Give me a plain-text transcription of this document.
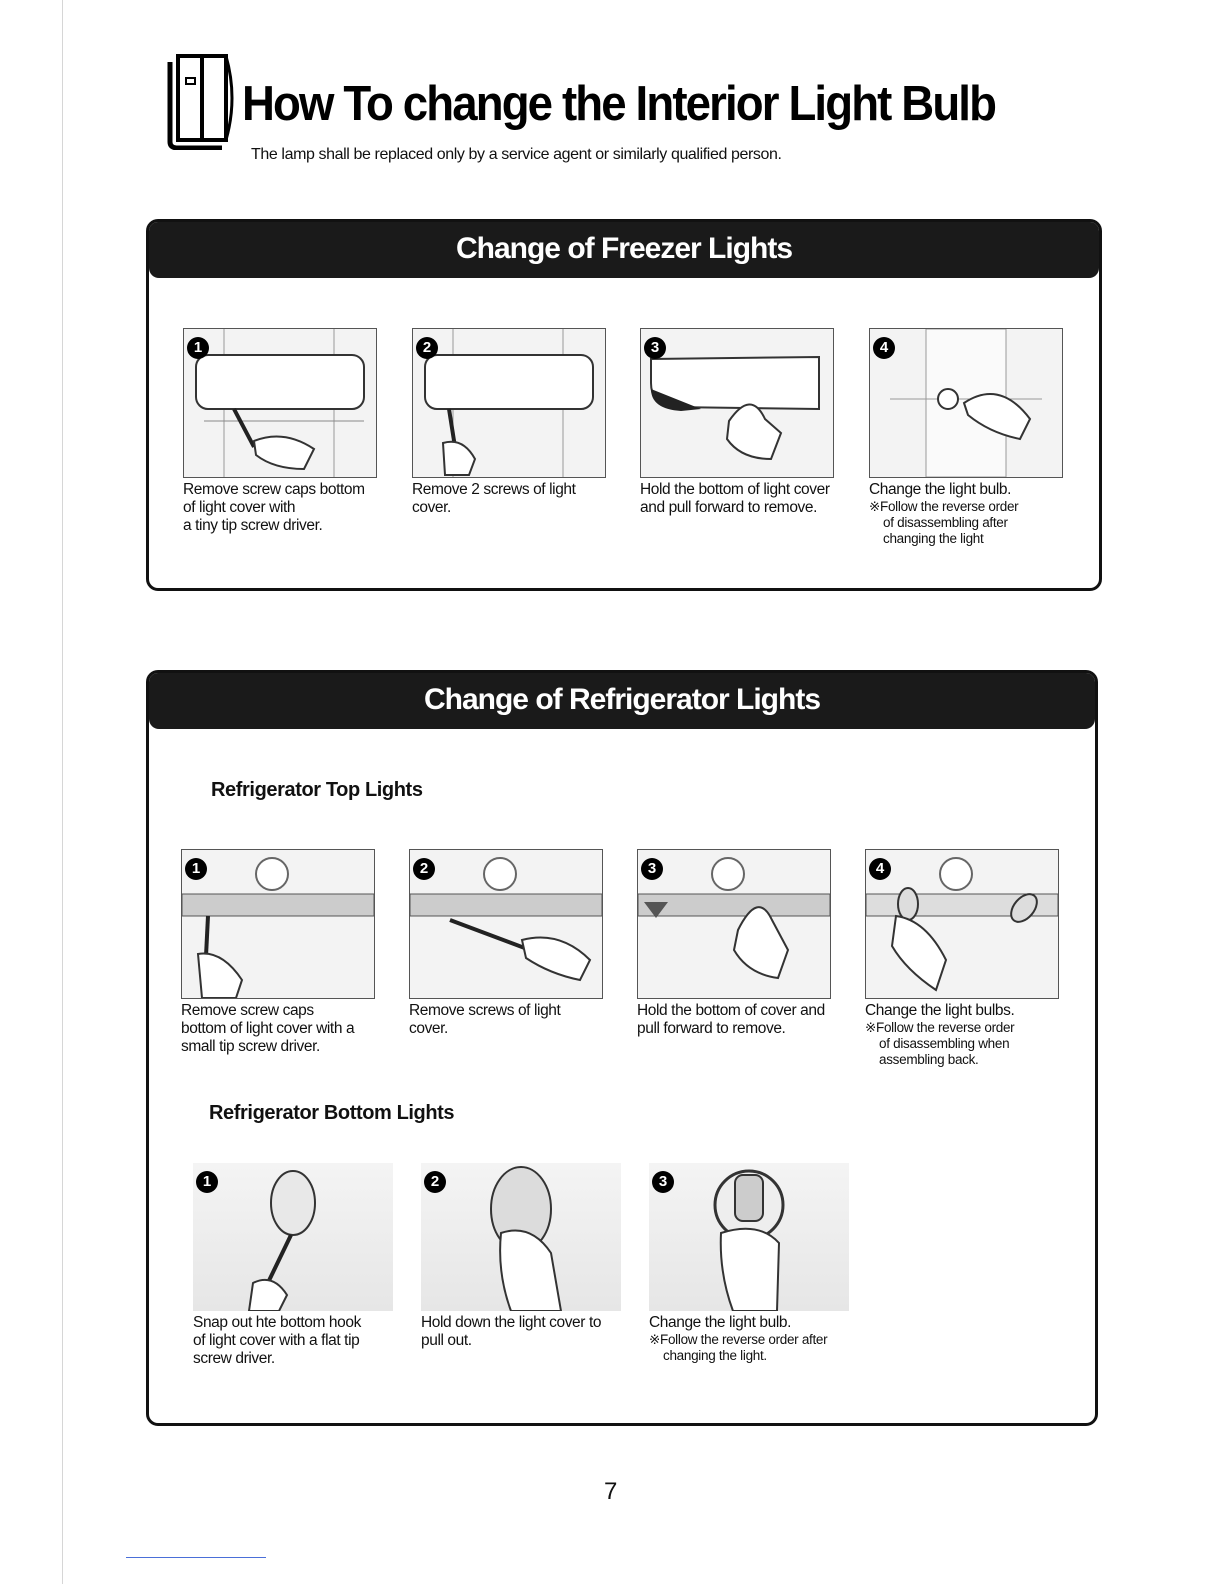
How To change the Interior Light Bulb
The lamp shall be replaced only by a service agent or similarly qualified person.
Change of Freezer Lights
1
Remove screw caps bottom
of light cover with
a tiny tip screw driver.
2
Remove 2 screws of light
cover.
3
Hold the bottom of light cover
and pull forward to remove.
4
Change the light bulb.
※Follow the reverse order
of disassembling after
changing the light
Change of Refrigerator Lights
Refrigerator Top Lights
1
Remove screw caps
bottom of light cover with a
small tip screw driver.
2
Remove screws of light
cover.
3
Hold the bottom of cover and
pull forward to remove.
4
Change the light bulbs.
※Follow the reverse order
of disassembling when
assembling back.
Refrigerator Bottom Lights
1
Snap out hte bottom hook
of light cover with a flat tip
screw driver.
2
Hold down the light cover to
pull out.
3
Change the light bulb.
※Follow the reverse order after
changing the light.
7
